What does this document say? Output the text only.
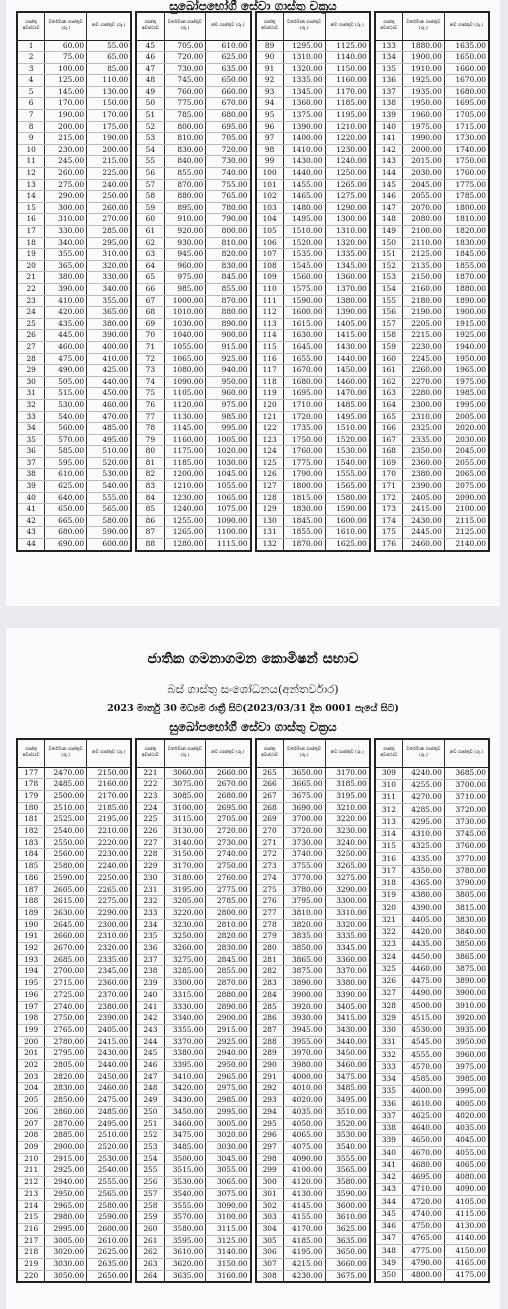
සුඛෝපභෝගී සේවා ගාස්තු චක්‍රය
ගාස්තු අවස්ථාව	වර්තමාන ගාස්තුව (රු.)	නව ගාස්තුව (රු.)
1	60.00	55.00
2	75.00	65.00
3	100.00	85.00
4	125.00	110.00
5	145.00	130.00
6	170.00	150.00
7	190.00	170.00
8	200.00	175.00
9	215.00	190.00
10	230.00	200.00
11	245.00	215.00
12	260.00	225.00
13	275.00	240.00
14	290.00	250.00
15	300.00	260.00
16	310.00	270.00
17	330.00	285.00
18	340.00	295.00
19	355.00	310.00
20	365.00	320.00
21	380.00	330.00
22	390.00	340.00
23	410.00	355.00
24	420.00	365.00
25	435.00	380.00
26	445.00	390.00
27	460.00	400.00
28	475.00	410.00
29	490.00	425.00
30	505.00	440.00
31	515.00	450.00
32	530.00	460.00
33	540.00	470.00
34	560.00	485.00
35	570.00	495.00
36	585.00	510.00
37	595.00	520.00
38	610.00	530.00
39	625.00	540.00
40	640.00	555.00
41	650.00	565.00
42	665.00	580.00
43	680.00	590.00
44	690.00	600.00
ගාස්තු අවස්ථාව	වර්තමාන ගාස්තුව (රු.)	නව ගාස්තුව (රු.)
45	705.00	610.00
46	720.00	625.00
47	730.00	635.00
48	745.00	650.00
49	760.00	660.00
50	775.00	670.00
51	785.00	680.00
52	800.00	695.00
53	810.00	705.00
54	830.00	720.00
55	840.00	730.00
56	855.00	740.00
57	870.00	755.00
58	880.00	765.00
59	895.00	780.00
60	910.00	790.00
61	920.00	800.00
62	930.00	810.00
63	945.00	820.00
64	960.00	830.00
65	975.00	845.00
66	985.00	855.00
67	1000.00	870.00
68	1010.00	880.00
69	1030.00	890.00
70	1040.00	900.00
71	1055.00	915.00
72	1065.00	925.00
73	1080.00	940.00
74	1090.00	950.00
75	1105.00	960.00
76	1120.00	975.00
77	1130.00	985.00
78	1145.00	995.00
79	1160.00	1005.00
80	1175.00	1020.00
81	1185.00	1030.00
82	1200.00	1045.00
83	1210.00	1055.00
84	1230.00	1065.00
85	1240.00	1075.00
86	1255.00	1090.00
87	1265.00	1100.00
88	1280.00	1115.00
ගාස්තු අවස්ථාව	වර්තමාන ගාස්තුව (රු.)	නව ගාස්තුව (රු.)
89	1295.00	1125.00
90	1310.00	1140.00
91	1320.00	1150.00
92	1335.00	1160.00
93	1345.00	1170.00
94	1360.00	1185.00
95	1375.00	1195.00
96	1390.00	1210.00
97	1400.00	1220.00
98	1410.00	1230.00
99	1430.00	1240.00
100	1440.00	1250.00
101	1455.00	1265.00
102	1465.00	1275.00
103	1480.00	1290.00
104	1495.00	1300.00
105	1510.00	1310.00
106	1520.00	1320.00
107	1535.00	1335.00
108	1545.00	1345.00
109	1560.00	1360.00
110	1575.00	1370.00
111	1590.00	1380.00
112	1600.00	1390.00
113	1615.00	1405.00
114	1630.00	1415.00
115	1645.00	1430.00
116	1655.00	1440.00
117	1670.00	1450.00
118	1680.00	1460.00
119	1695.00	1470.00
120	1710.00	1485.00
121	1720.00	1495.00
122	1735.00	1510.00
123	1750.00	1520.00
124	1760.00	1530.00
125	1775.00	1540.00
126	1790.00	1555.00
127	1800.00	1565.00
128	1815.00	1580.00
129	1830.00	1590.00
130	1845.00	1600.00
131	1855.00	1610.00
132	1870.00	1625.00
ගාස්තු අවස්ථාව	වර්තමාන ගාස්තුව (රු.)	නව ගාස්තුව (රු.)
133	1880.00	1635.00
134	1900.00	1650.00
135	1910.00	1660.00
136	1925.00	1670.00
137	1935.00	1680.00
138	1950.00	1695.00
139	1960.00	1705.00
140	1975.00	1715.00
141	1990.00	1730.00
142	2000.00	1740.00
143	2015.00	1750.00
144	2030.00	1760.00
145	2045.00	1775.00
146	2055.00	1785.00
147	2070.00	1800.00
148	2080.00	1810.00
149	2100.00	1820.00
150	2110.00	1830.00
151	2125.00	1845.00
152	2135.00	1855.00
153	2150.00	1870.00
154	2160.00	1880.00
155	2180.00	1890.00
156	2190.00	1900.00
157	2205.00	1915.00
158	2215.00	1925.00
159	2230.00	1940.00
160	2245.00	1950.00
161	2260.00	1965.00
162	2270.00	1975.00
163	2280.00	1985.00
164	2300.00	1995.00
165	2310.00	2005.00
166	2325.00	2020.00
167	2335.00	2030.00
168	2350.00	2045.00
169	2360.00	2055.00
170	2380.00	2065.00
171	2390.00	2075.00
172	2405.00	2090.00
173	2415.00	2100.00
174	2430.00	2115.00
175	2445.00	2125.00
176	2460.00	2140.00
ජාතික ගමනාගමන කොමිෂන් සභාව
බස් ගාස්තු සංශෝධනය(අන්තර්වාර)
2023 මාර්තු 30 මධ්‍යම රාත්‍රී සිට(2023/03/31 දින 0001 පැයේ සිට)
සුඛෝපභෝගී සේවා ගාස්තු චක්‍රය
ගාස්තු අවස්ථාව	වර්තමාන ගාස්තුව (රු.)	නව ගාස්තුව (රු.)
177	2470.00	2150.00
178	2485.00	2160.00
179	2500.00	2170.00
180	2510.00	2185.00
181	2525.00	2195.00
182	2540.00	2210.00
183	2550.00	2220.00
184	2560.00	2230.00
185	2580.00	2240.00
186	2590.00	2250.00
187	2605.00	2265.00
188	2615.00	2275.00
189	2630.00	2290.00
190	2645.00	2300.00
191	2660.00	2310.00
192	2670.00	2320.00
193	2685.00	2335.00
194	2700.00	2345.00
195	2715.00	2360.00
196	2725.00	2370.00
197	2740.00	2380.00
198	2750.00	2390.00
199	2765.00	2405.00
200	2780.00	2415.00
201	2795.00	2430.00
202	2805.00	2440.00
203	2820.00	2450.00
204	2830.00	2460.00
205	2850.00	2475.00
206	2860.00	2485.00
207	2870.00	2495.00
208	2885.00	2510.00
209	2900.00	2520.00
210	2915.00	2530.00
211	2925.00	2540.00
212	2940.00	2555.00
213	2950.00	2565.00
214	2965.00	2580.00
215	2980.00	2590.00
216	2995.00	2600.00
217	3005.00	2610.00
218	3020.00	2625.00
219	3030.00	2635.00
220	3050.00	2650.00
ගාස්තු අවස්ථාව	වර්තමාන ගාස්තුව (රු.)	නව ගාස්තුව (රු.)
221	3060.00	2660.00
222	3075.00	2670.00
223	3085.00	2680.00
224	3100.00	2695.00
225	3115.00	2705.00
226	3130.00	2720.00
227	3140.00	2730.00
228	3150.00	2740.00
229	3170.00	2750.00
230	3180.00	2760.00
231	3195.00	2775.00
232	3205.00	2785.00
233	3220.00	2800.00
234	3230.00	2810.00
235	3250.00	2820.00
236	3260.00	2830.00
237	3275.00	2845.00
238	3285.00	2855.00
239	3300.00	2870.00
240	3315.00	2880.00
241	3330.00	2890.00
242	3340.00	2900.00
243	3355.00	2915.00
244	3370.00	2925.00
245	3380.00	2940.00
246	3395.00	2950.00
247	3410.00	2965.00
248	3420.00	2975.00
249	3430.00	2985.00
250	3450.00	2995.00
251	3460.00	3005.00
252	3475.00	3020.00
253	3485.00	3030.00
254	3500.00	3045.00
255	3515.00	3055.00
256	3530.00	3065.00
257	3540.00	3075.00
258	3555.00	3090.00
259	3570.00	3100.00
260	3580.00	3115.00
261	3595.00	3125.00
262	3610.00	3140.00
263	3620.00	3150.00
264	3635.00	3160.00
ගාස්තු අවස්ථාව	වර්තමාන ගාස්තුව (රු.)	නව ගාස්තුව (රු.)
265	3650.00	3170.00
266	3665.00	3185.00
267	3675.00	3195.00
268	3690.00	3210.00
269	3700.00	3220.00
270	3720.00	3230.00
271	3730.00	3240.00
272	3740.00	3250.00
273	3755.00	3265.00
274	3770.00	3275.00
275	3780.00	3290.00
276	3795.00	3300.00
277	3810.00	3310.00
278	3820.00	3320.00
279	3835.00	3335.00
280	3850.00	3345.00
281	3865.00	3360.00
282	3875.00	3370.00
283	3890.00	3380.00
284	3900.00	3390.00
285	3920.00	3405.00
286	3930.00	3415.00
287	3945.00	3430.00
288	3955.00	3440.00
289	3970.00	3450.00
290	3980.00	3460.00
291	4000.00	3475.00
292	4010.00	3485.00
293	4020.00	3495.00
294	4035.00	3510.00
295	4050.00	3520.00
296	4065.00	3530.00
297	4075.00	3540.00
298	4090.00	3555.00
299	4100.00	3565.00
300	4120.00	3580.00
301	4130.00	3590.00
302	4145.00	3600.00
303	4155.00	3610.00
304	4170.00	3625.00
305	4185.00	3635.00
306	4195.00	3650.00
307	4215.00	3660.00
308	4230.00	3675.00
ගාස්තු අවස්ථාව	වර්තමාන ගාස්තුව (රු.)	නව ගාස්තුව (රු.)
309	4240.00	3685.00
310	4255.00	3700.00
311	4270.00	3710.00
312	4285.00	3720.00
313	4295.00	3730.00
314	4310.00	3745.00
315	4325.00	3760.00
316	4335.00	3770.00
317	4350.00	3780.00
318	4365.00	3790.00
319	4380.00	3805.00
320	4390.00	3815.00
321	4405.00	3830.00
322	4420.00	3840.00
323	4435.00	3850.00
324	4450.00	3865.00
325	4460.00	3875.00
326	4475.00	3890.00
327	4490.00	3900.00
328	4500.00	3910.00
329	4515.00	3920.00
330	4530.00	3935.00
331	4545.00	3950.00
332	4555.00	3960.00
333	4570.00	3975.00
334	4585.00	3985.00
335	4600.00	3995.00
336	4610.00	4005.00
337	4625.00	4020.00
338	4640.00	4035.00
339	4650.00	4045.00
340	4670.00	4055.00
341	4680.00	4065.00
342	4695.00	4080.00
343	4710.00	4090.00
344	4720.00	4105.00
345	4740.00	4115.00
346	4750.00	4130.00
347	4765.00	4140.00
348	4775.00	4150.00
349	4790.00	4165.00
350	4800.00	4175.00
